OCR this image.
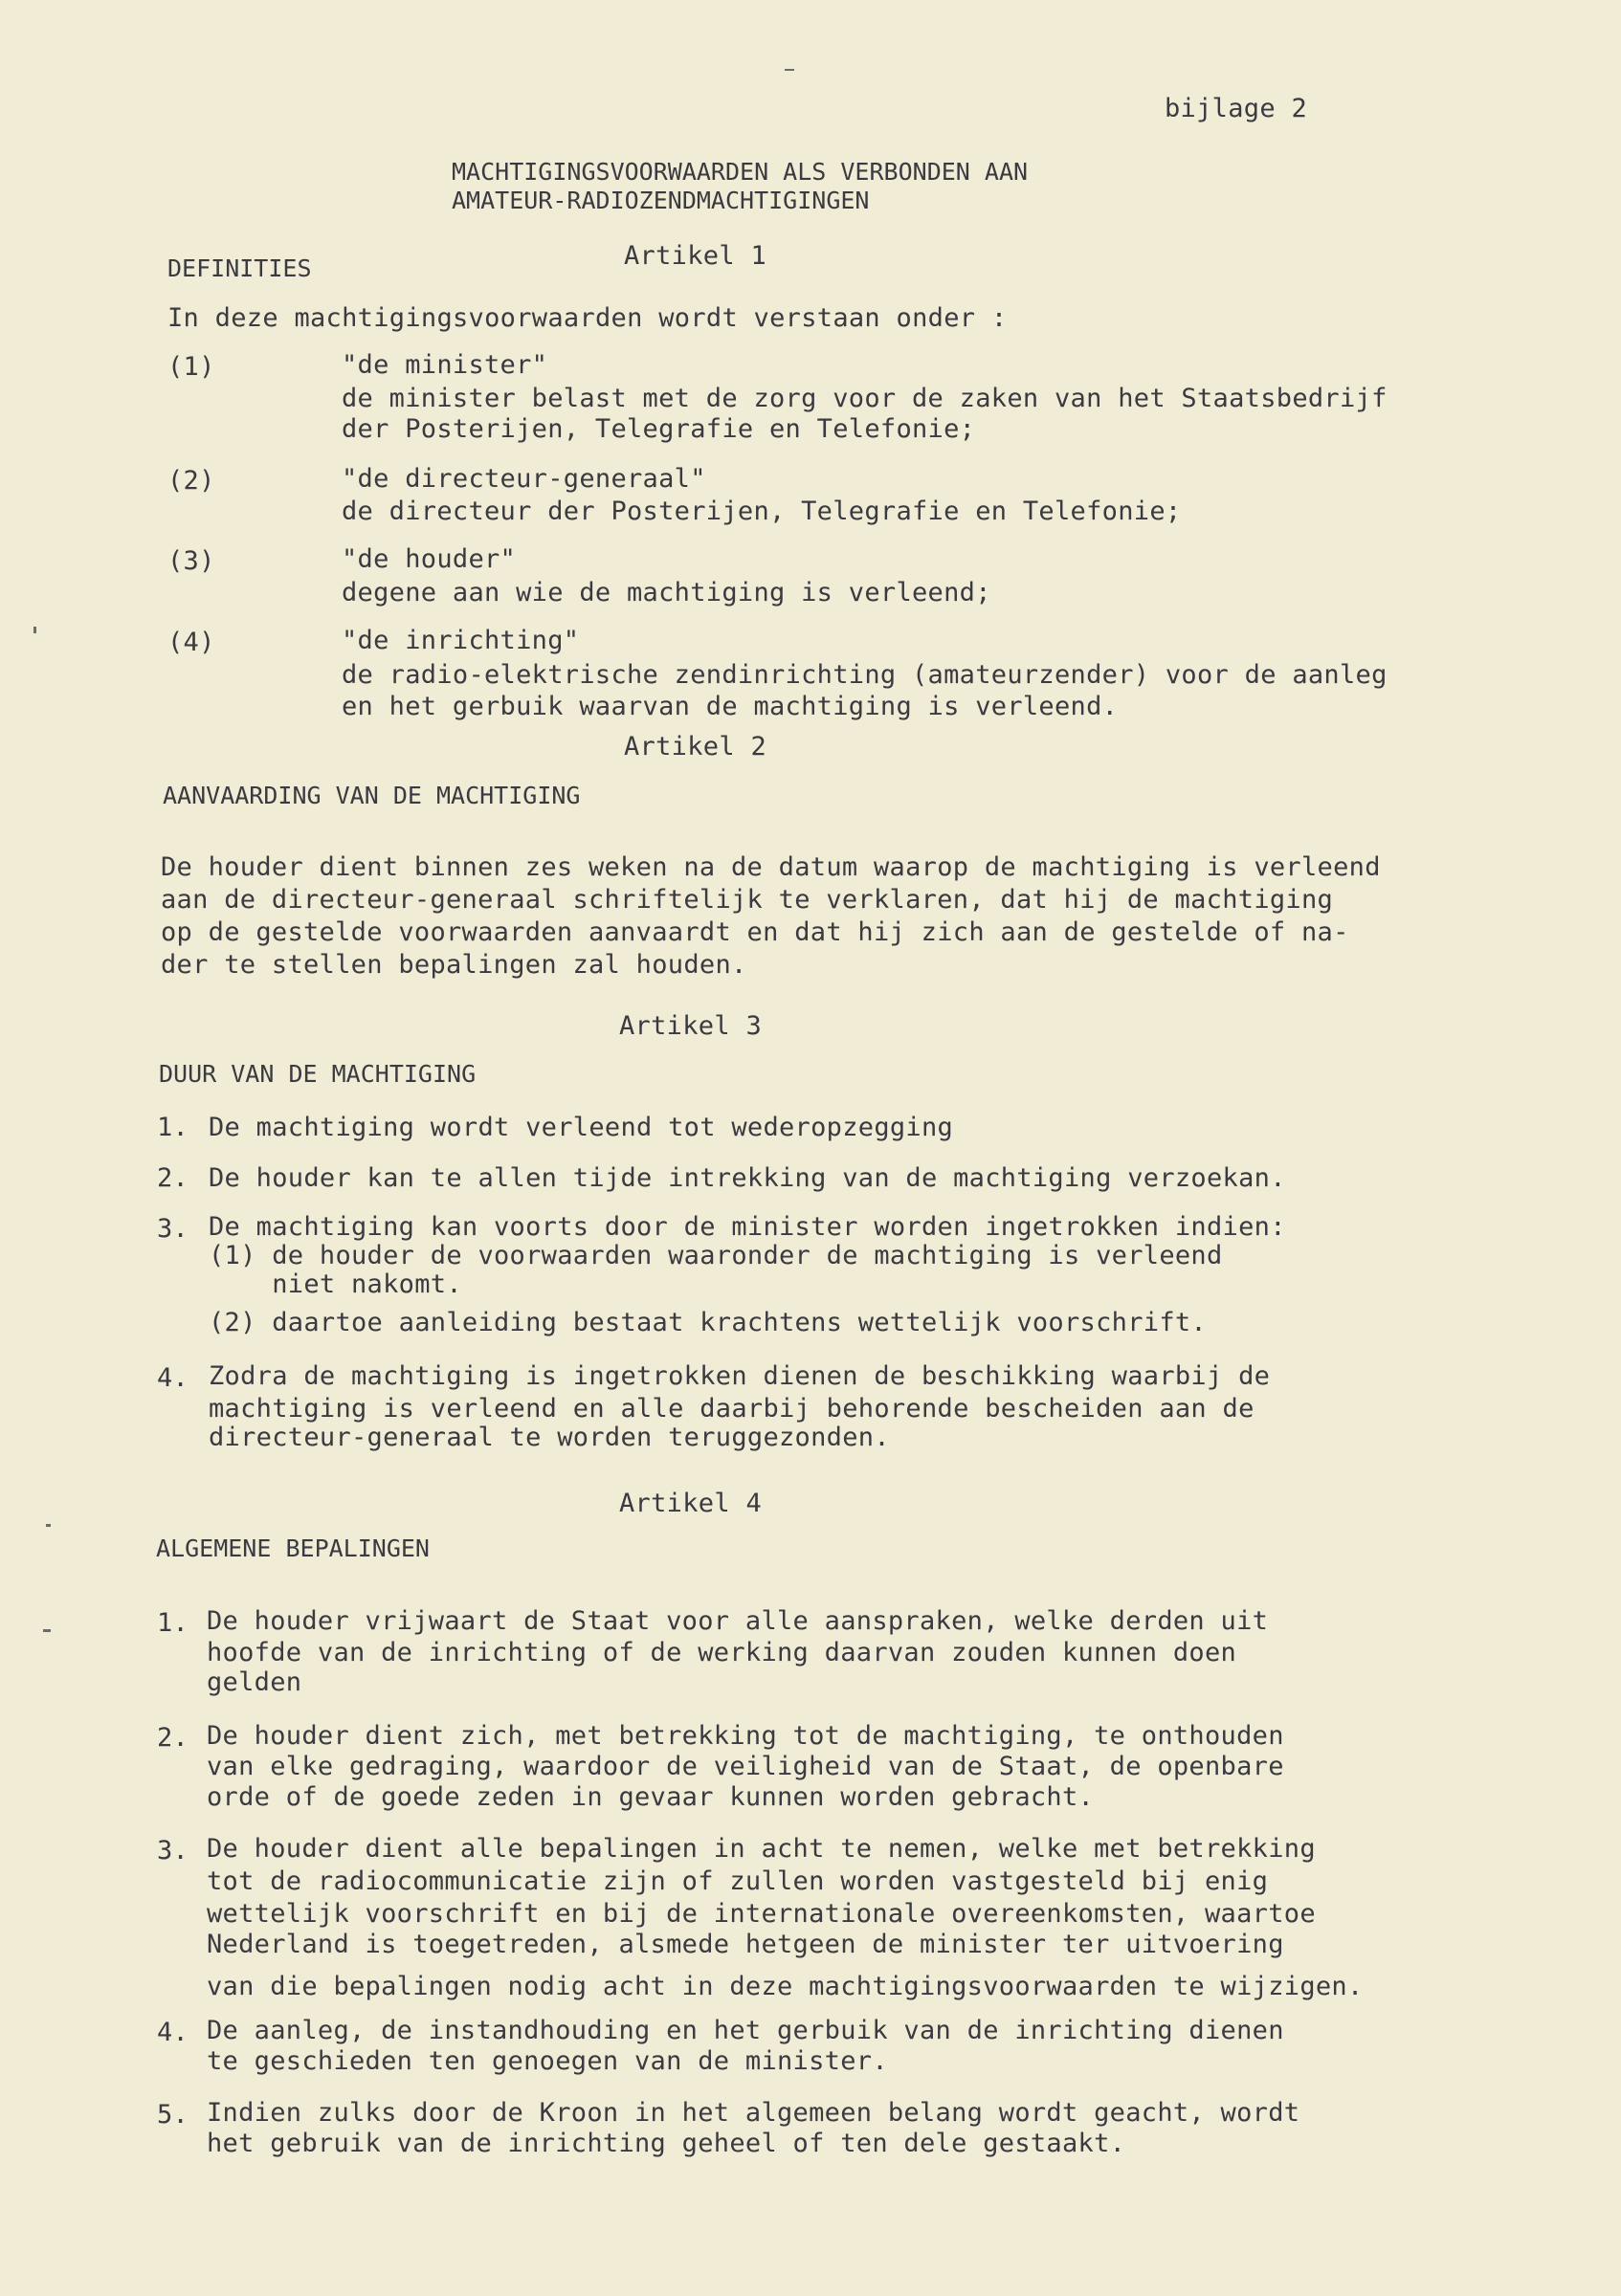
bijlage 2
MACHTIGINGSVOORWAARDEN ALS VERBONDEN AAN
AMATEUR-RADIOZENDMACHTIGINGEN
Artikel 1
DEFINITIES
In deze machtigingsvoorwaarden wordt verstaan onder :
(1)	"de minister"
de minister belast met de zorg voor de zaken van het Staatsbedrijf
der Posterijen, Telegrafie en Telefonie;
(2)	"de directeur-generaal"
de directeur der Posterijen, Telegrafie en Telefonie;
(3)	"de houder"
degene aan wie de machtiging is verleend;
(4)	"de inrichting"
de radio-elektrische zendinrichting (amateurzender) voor de aanleg
en het gerbuik waarvan de machtiging is verleend.
Artikel 2
AANVAARDING VAN DE MACHTIGING
De houder dient binnen zes weken na de datum waarop de machtiging is verleend
aan de directeur-generaal schriftelijk te verklaren, dat hij de machtiging
op de gestelde voorwaarden aanvaardt en dat hij zich aan de gestelde of na-
der te stellen bepalingen zal houden.
Artikel 3
DUUR VAN DE MACHTIGING
1. De machtiging wordt verleend tot wederopzegging
2. De houder kan te allen tijde intrekking van de machtiging verzoekan.
3. De machtiging kan voorts door de minister worden ingetrokken indien:
(1) de houder de voorwaarden waaronder de machtiging is verleend
niet nakomt.
(2) daartoe aanleiding bestaat krachtens wettelijk voorschrift.
4. Zodra de machtiging is ingetrokken dienen de beschikking waarbij de
machtiging is verleend en alle daarbij behorende bescheiden aan de
directeur-generaal te worden teruggezonden.
Artikel 4
ALGEMENE BEPALINGEN
1. De houder vrijwaart de Staat voor alle aanspraken, welke derden uit
hoofde van de inrichting of de werking daarvan zouden kunnen doen
gelden
2. De houder dient zich, met betrekking tot de machtiging, te onthouden
van elke gedraging, waardoor de veiligheid van de Staat, de openbare
orde of de goede zeden in gevaar kunnen worden gebracht.
3. De houder dient alle bepalingen in acht te nemen, welke met betrekking
tot de radiocommunicatie zijn of zullen worden vastgesteld bij enig
wettelijk voorschrift en bij de internationale overeenkomsten, waartoe
Nederland is toegetreden, alsmede hetgeen de minister ter uitvoering
van die bepalingen nodig acht in deze machtigingsvoorwaarden te wijzigen.
4. De aanleg, de instandhouding en het gerbuik van de inrichting dienen
te geschieden ten genoegen van de minister.
5. Indien zulks door de Kroon in het algemeen belang wordt geacht, wordt
het gebruik van de inrichting geheel of ten dele gestaakt.
